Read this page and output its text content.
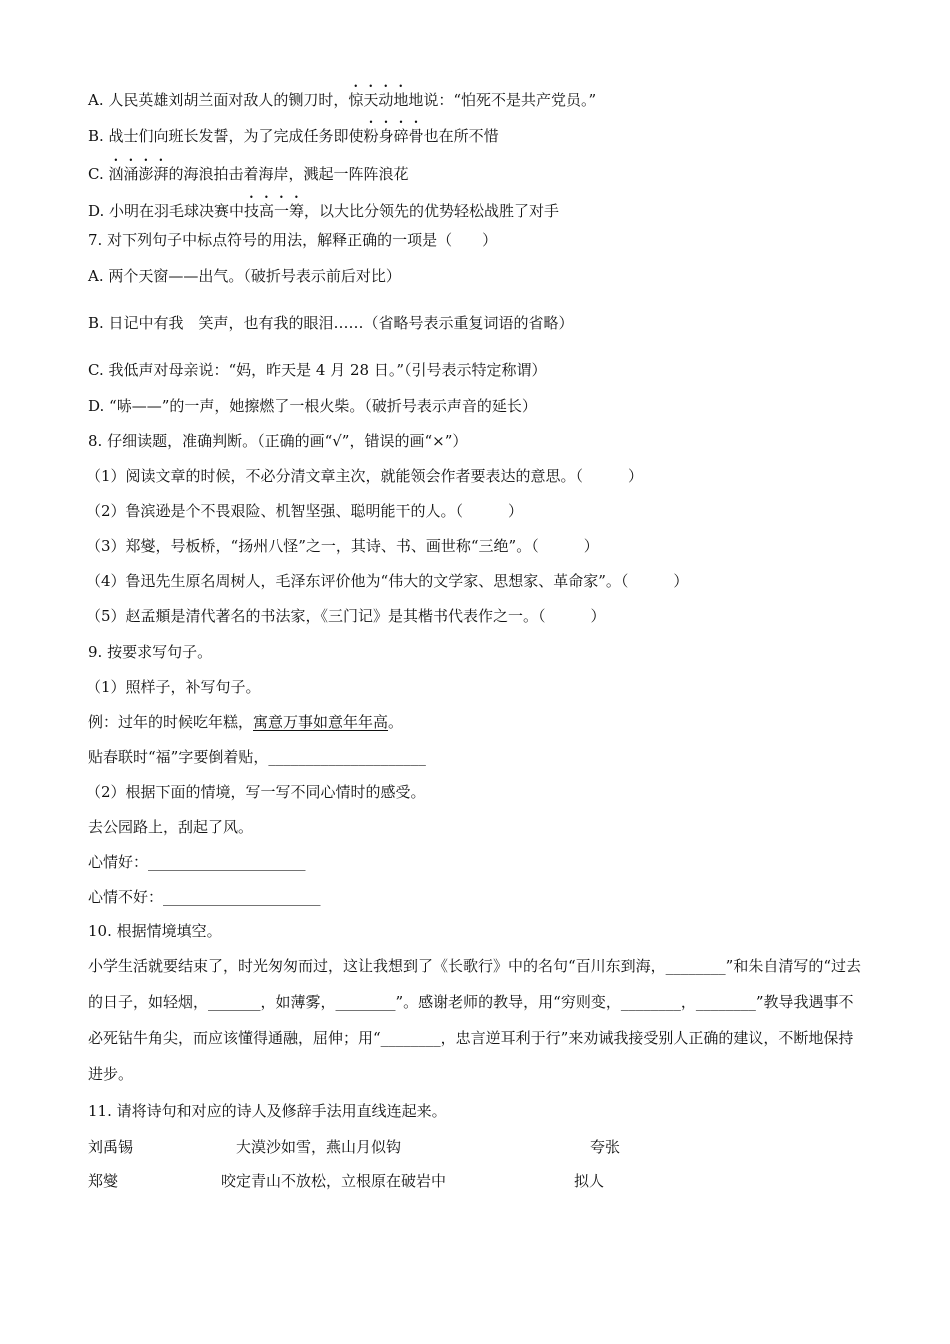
A. 人民英雄刘胡兰面对敌人的铡刀时，惊天动地地说：“怕死不是共产党员。”
B. 战士们向班长发誓，为了完成任务即使粉身碎骨也在所不惜
C. 汹涌澎湃的海浪拍击着海岸，溅起一阵阵浪花
D. 小明在羽毛球决赛中技高一筹，以大比分领先的优势轻松战胜了对手
7. 对下列句子中标点符号的用法，解释正确的一项是（　　）
A. 两个天窗——出气。（破折号表示前后对比）
B. 日记中有我　笑声，也有我的眼泪……（省略号表示重复词语的省略）
C. 我低声对母亲说：“妈，昨天是 4 月 28 日。”（引号表示特定称谓）
D. “哧——”的一声，她擦燃了一根火柴。（破折号表示声音的延长）
8. 仔细读题，准确判断。（正确的画“√”，错误的画“×”）
（1）阅读文章的时候，不必分清文章主次，就能领会作者要表达的意思。（　　　）
（2）鲁滨逊是个不畏艰险、机智坚强、聪明能干的人。（　　　）
（3）郑燮，号板桥，“扬州八怪”之一，其诗、书、画世称“三绝”。（　　　）
（4）鲁迅先生原名周树人，毛泽东评价他为“伟大的文学家、思想家、革命家”。（　　　）
（5）赵孟頫是清代著名的书法家，《三门记》是其楷书代表作之一。（　　　）
9. 按要求写句子。
（1）照样子，补写句子。
例：过年的时候吃年糕，寓意万事如意年年高。
贴春联时“福”字要倒着贴，_____________________
（2）根据下面的情境，写一写不同心情时的感受。
去公园路上，刮起了风。
心情好：_____________________
心情不好：_____________________
10. 根据情境填空。
小学生活就要结束了，时光匆匆而过，这让我想到了《长歌行》中的名句“百川东到海，________”和朱自清写的“过去的日子，如轻烟，_______，如薄雾，________”。感谢老师的教导，用“穷则变，________，________”教导我遇事不必死钻牛角尖，而应该懂得通融，屈伸；用“________，忠言逆耳利于行”来劝诫我接受别人正确的建议，不断地保持进步。
11. 请将诗句和对应的诗人及修辞手法用直线连起来。
刘禹锡	大漠沙如雪，燕山月似钩	夸张
郑燮	咬定青山不放松，立根原在破岩中	拟人
